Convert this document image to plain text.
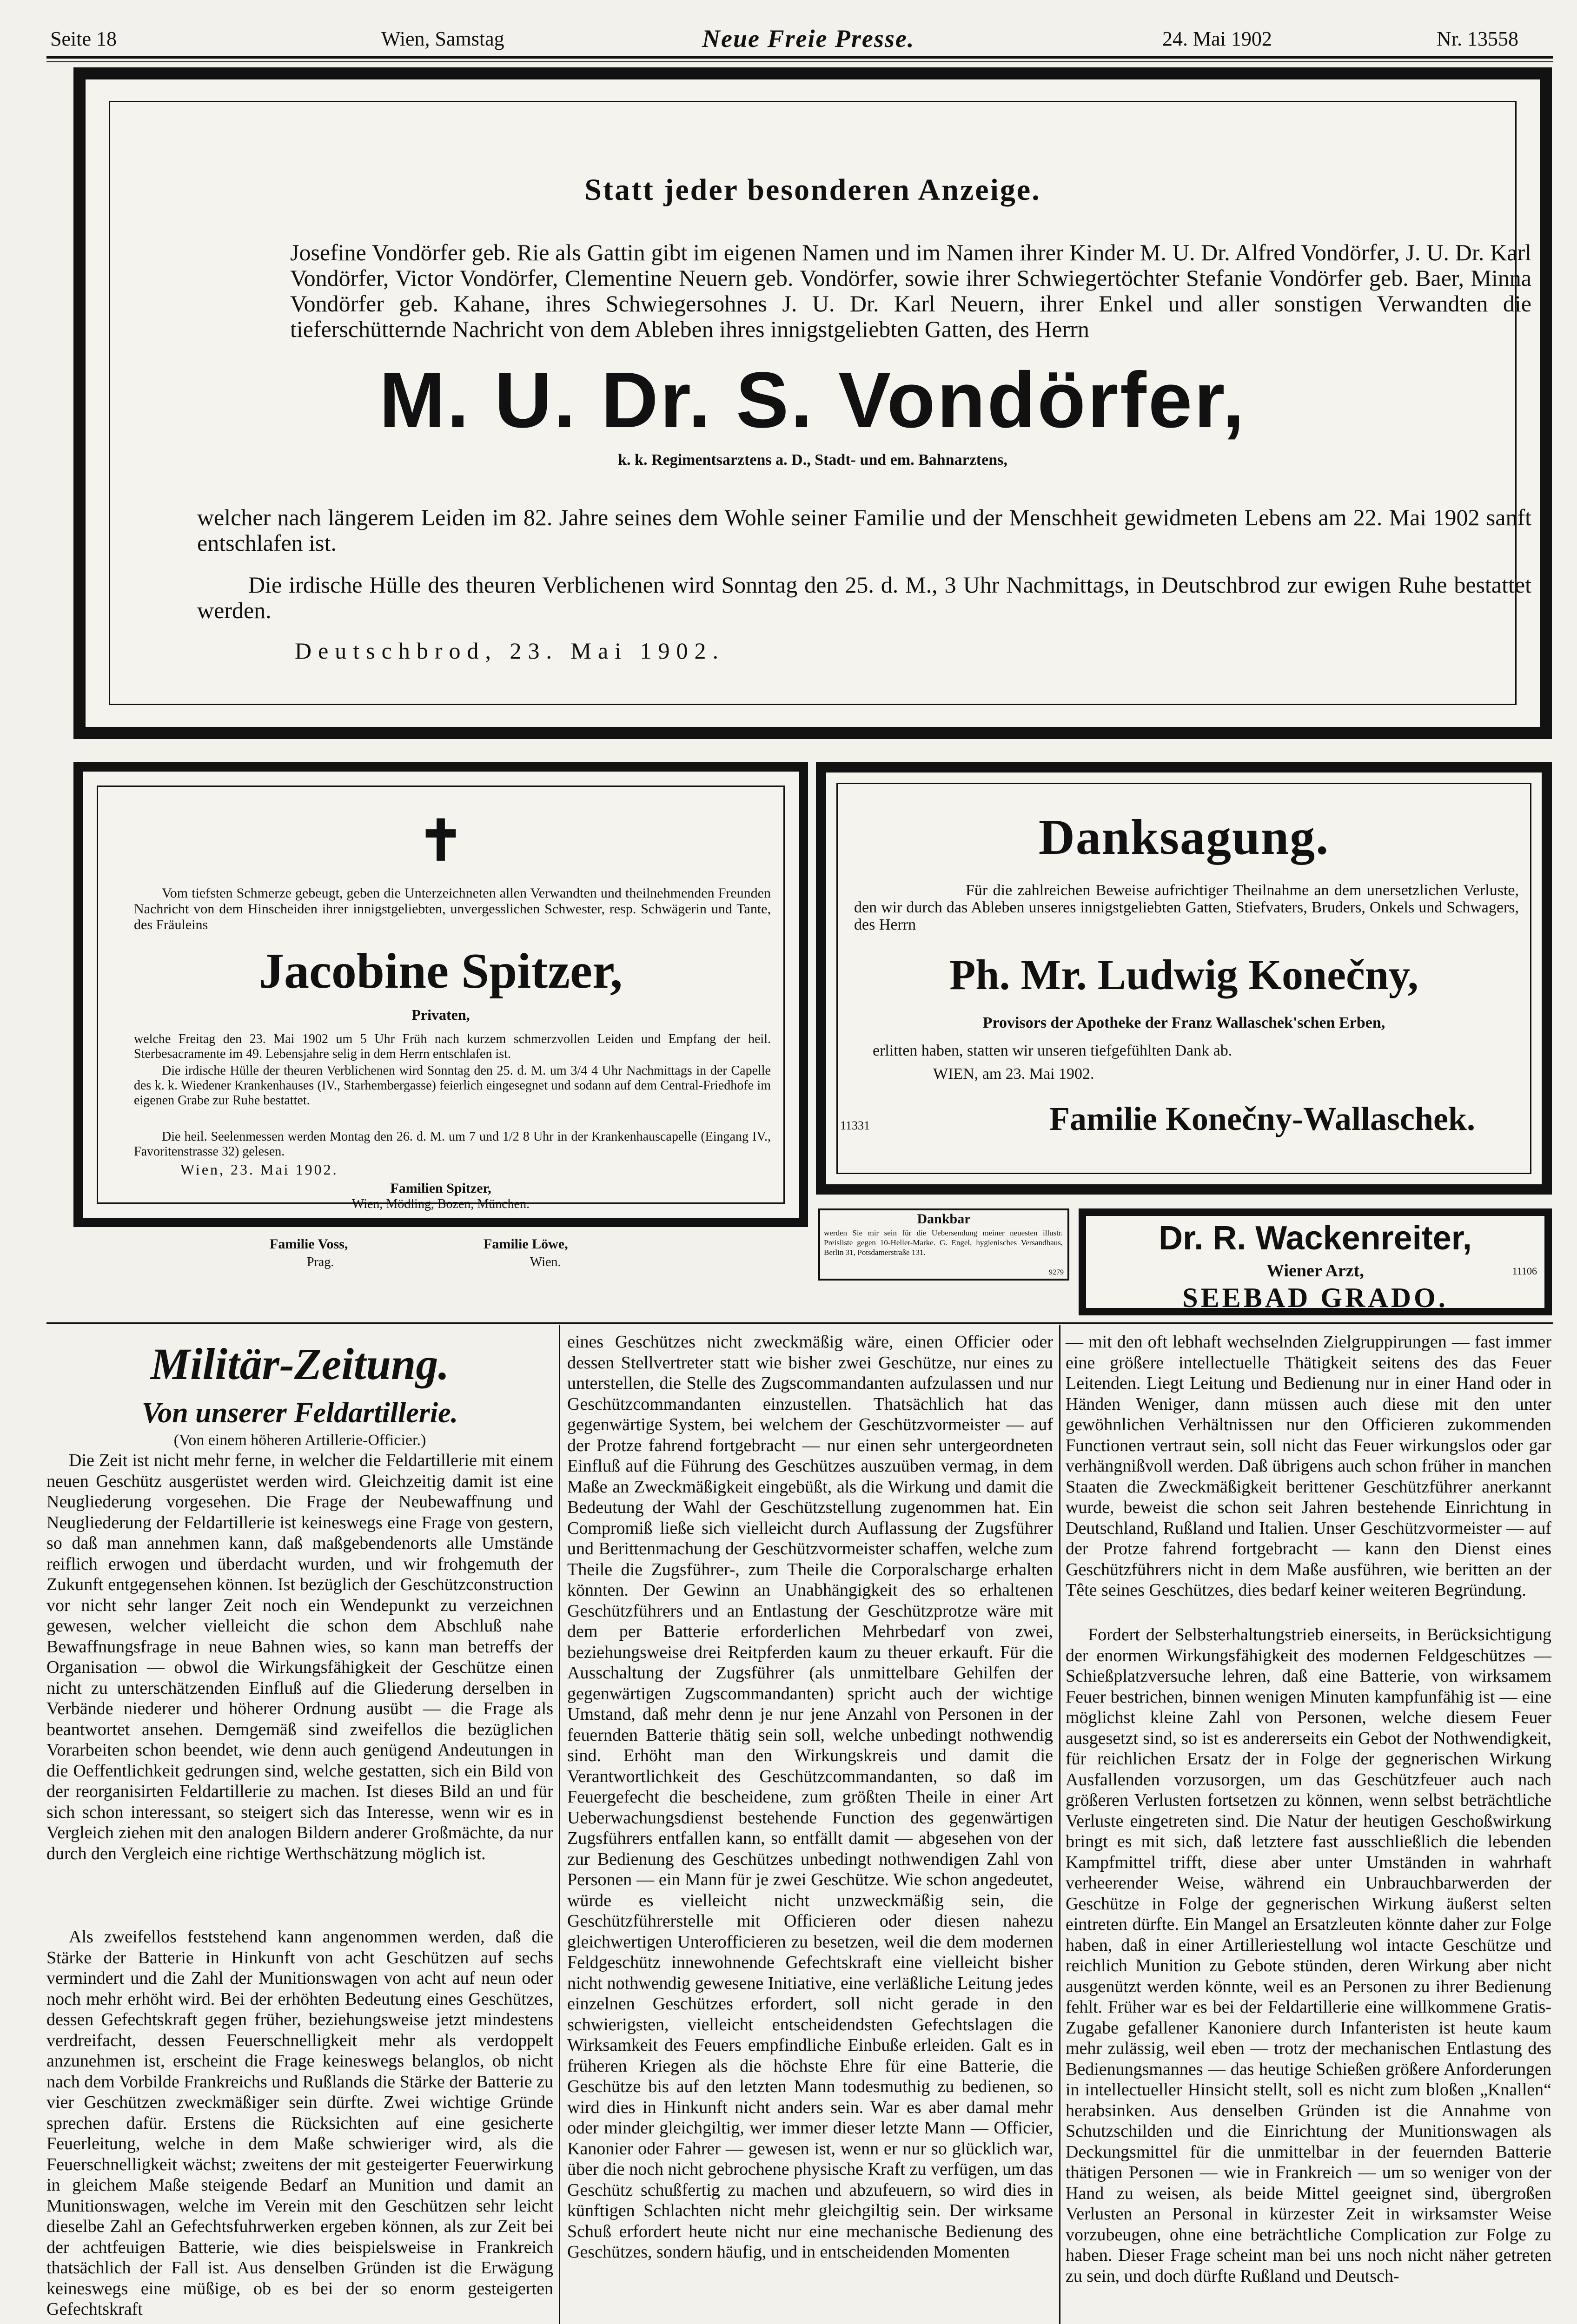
Seite 18	Wien, Samstag	Neue Freie Presse.	24. Mai 1902	Nr. 13558
Statt jeder besonderen Anzeige.

Josefine Vondörfer geb. Rie als Gattin gibt im eigenen Namen und im Namen ihrer Kinder M. U. Dr. Alfred Vondörfer, J. U. Dr. Karl Vondörfer, Victor Vondörfer, Clementine Neuern geb. Vondörfer, sowie ihrer Schwiegertöchter Stefanie Vondörfer geb. Baer, Minna Vondörfer geb. Kahane, ihres Schwiegersohnes J. U. Dr. Karl Neuern, ihrer Enkel und aller sonstigen Verwandten die tieferschütternde Nachricht von dem Ableben ihres innigstgeliebten Gatten, des Herrn

M. U. Dr. S. Vondörfer,
k. k. Regimentsarztens a. D., Stadt- und em. Bahnarztens,

welcher nach längerem Leiden im 82. Jahre seines dem Wohle seiner Familie und der Menschheit gewidmeten Lebens am 22. Mai 1902 sanft entschlafen ist.

Die irdische Hülle des theuren Verblichenen wird Sonntag den 25. d. M., 3 Uhr Nachmittags, in Deutschbrod zur ewigen Ruhe bestattet werden.

Deutschbrod, 23. Mai 1902.
✝

Vom tiefsten Schmerze gebeugt, geben die Unterzeichneten allen Verwandten und theilnehmenden Freunden Nachricht von dem Hinscheiden ihrer innigstgeliebten, unvergesslichen Schwester, resp. Schwägerin und Tante, des Fräuleins

Jacobine Spitzer,
Privaten,

welche Freitag den 23. Mai 1902 um 5 Uhr Früh nach kurzem schmerzvollen Leiden und Empfang der heil. Sterbesacramente im 49. Lebensjahre selig in dem Herrn entschlafen ist.

Die irdische Hülle der theuren Verblichenen wird Sonntag den 25. d. M. um 3/4 4 Uhr Nachmittags in der Capelle des k. k. Wiedener Krankenhauses (IV., Starhembergasse) feierlich eingesegnet und sodann auf dem Central-Friedhofe im eigenen Grabe zur Ruhe bestattet.

Die heil. Seelenmessen werden Montag den 26. d. M. um 7 und 1/2 8 Uhr in der Krankenhauscapelle (Eingang IV., Favoritenstrasse 32) gelesen.

Wien, 23. Mai 1902.
Familien Spitzer,
Wien, Mödling, Bozen, München.
Familie Voss,
Prag.
Familie Löwe,
Wien.
Danksagung.

Für die zahlreichen Beweise aufrichtiger Theilnahme an dem unersetzlichen Verluste, den wir durch das Ableben unseres innigstgeliebten Gatten, Stiefvaters, Bruders, Onkels und Schwagers, des Herrn

Ph. Mr. Ludwig Konečny,
Provisors der Apotheke der Franz Wallaschek'schen Erben,
erlitten haben, statten wir unseren tiefgefühlten Dank ab.
WIEN, am 23. Mai 1902.
11331	Familie Konečny-Wallaschek.
Dankbar

werden Sie mir sein für die Uebersendung meiner neuesten illustr. Preisliste gegen 10-Heller-Marke. G. Engel, hygienisches Versandhaus, Berlin 31, Potsdamerstraße 131.

9279
Dr. R. Wackenreiter,
Wiener Arzt,	11106
SEEBAD GRADO.
Militär-Zeitung.
Von unserer Feldartillerie.
(Von einem höheren Artillerie-Officier.)

Die Zeit ist nicht mehr ferne, in welcher die Feldartillerie mit einem neuen Geschütz ausgerüstet werden wird. Gleichzeitig damit ist eine Neugliederung vorgesehen. Die Frage der Neubewaffnung und Neugliederung der Feldartillerie ist keineswegs eine Frage von gestern, so daß man annehmen kann, daß maßgebendenorts alle Umstände reiflich erwogen und überdacht wurden, und wir frohgemuth der Zukunft entgegensehen können. Ist bezüglich der Geschützconstruction vor nicht sehr langer Zeit noch ein Wendepunkt zu verzeichnen gewesen, welcher vielleicht die schon dem Abschluß nahe Bewaffnungsfrage in neue Bahnen wies, so kann man betreffs der Organisation — obwol die Wirkungsfähigkeit der Geschütze einen nicht zu unterschätzenden Einfluß auf die Gliederung derselben in Verbände niederer und höherer Ordnung ausübt — die Frage als beantwortet ansehen. Demgemäß sind zweifellos die bezüglichen Vorarbeiten schon beendet, wie denn auch genügend Andeutungen in die Oeffentlichkeit gedrungen sind, welche gestatten, sich ein Bild von der reorganisirten Feldartillerie zu machen. Ist dieses Bild an und für sich schon interessant, so steigert sich das Interesse, wenn wir es in Vergleich ziehen mit den analogen Bildern anderer Großmächte, da nur durch den Vergleich eine richtige Werthschätzung möglich ist.

Als zweifellos feststehend kann angenommen werden, daß die Stärke der Batterie in Hinkunft von acht Geschützen auf sechs vermindert und die Zahl der Munitionswagen von acht auf neun oder noch mehr erhöht wird. Bei der erhöhten Bedeutung eines Geschützes, dessen Gefechtskraft gegen früher, beziehungsweise jetzt mindestens verdreifacht, dessen Feuerschnelligkeit mehr als verdoppelt anzunehmen ist, erscheint die Frage keineswegs belanglos, ob nicht nach dem Vorbilde Frankreichs und Rußlands die Stärke der Batterie zu vier Geschützen zweckmäßiger sein dürfte. Zwei wichtige Gründe sprechen dafür. Erstens die Rücksichten auf eine gesicherte Feuerleitung, welche in dem Maße schwieriger wird, als die Feuerschnelligkeit wächst; zweitens der mit gesteigerter Feuerwirkung in gleichem Maße steigende Bedarf an Munition und damit an Munitionswagen, welche im Verein mit den Geschützen sehr leicht dieselbe Zahl an Gefechtsfuhrwerken ergeben können, als zur Zeit bei der achtfeuigen Batterie, wie dies beispielsweise in Frankreich thatsächlich der Fall ist. Aus denselben Gründen ist die Erwägung keineswegs eine müßige, ob es bei der so enorm gesteigerten Gefechtskraft

eines Geschützes nicht zweckmäßig wäre, einen Officier oder dessen Stellvertreter statt wie bisher zwei Geschütze, nur eines zu unterstellen, die Stelle des Zugscommandanten aufzulassen und nur Geschützcommandanten einzustellen. Thatsächlich hat das gegenwärtige System, bei welchem der Geschützvormeister — auf der Protze fahrend fortgebracht — nur einen sehr untergeordneten Einfluß auf die Führung des Geschützes auszuüben vermag, in dem Maße an Zweckmäßigkeit eingebüßt, als die Wirkung und damit die Bedeutung der Wahl der Geschützstellung zugenommen hat. Ein Compromiß ließe sich vielleicht durch Auflassung der Zugsführer und Berittenmachung der Geschützvormeister schaffen, welche zum Theile die Zugsführer-, zum Theile die Corporalscharge erhalten könnten. Der Gewinn an Unabhängigkeit des so erhaltenen Geschützführers und an Entlastung der Geschützprotze wäre mit dem per Batterie erforderlichen Mehrbedarf von zwei, beziehungsweise drei Reitpferden kaum zu theuer erkauft. Für die Ausschaltung der Zugsführer (als unmittelbare Gehilfen der gegenwärtigen Zugscommandanten) spricht auch der wichtige Umstand, daß mehr denn je nur jene Anzahl von Personen in der feuernden Batterie thätig sein soll, welche unbedingt nothwendig sind. Erhöht man den Wirkungskreis und damit die Verantwortlichkeit des Geschützcommandanten, so daß im Feuergefecht die bescheidene, zum größten Theile in einer Art Ueberwachungsdienst bestehende Function des gegenwärtigen Zugsführers entfallen kann, so entfällt damit — abgesehen von der zur Bedienung des Geschützes unbedingt nothwendigen Zahl von Personen — ein Mann für je zwei Geschütze. Wie schon angedeutet, würde es vielleicht nicht unzweckmäßig sein, die Geschützführerstelle mit Officieren oder diesen nahezu gleichwertigen Unterofficieren zu besetzen, weil die dem modernen Feldgeschütz innewohnende Gefechtskraft eine vielleicht bisher nicht nothwendig gewesene Initiative, eine verläßliche Leitung jedes einzelnen Geschützes erfordert, soll nicht gerade in den schwierigsten, vielleicht entscheidendsten Gefechtslagen die Wirksamkeit des Feuers empfindliche Einbuße erleiden. Galt es in früheren Kriegen als die höchste Ehre für eine Batterie, die Geschütze bis auf den letzten Mann todesmuthig zu bedienen, so wird dies in Hinkunft nicht anders sein. War es aber damal mehr oder minder gleichgiltig, wer immer dieser letzte Mann — Officier, Kanonier oder Fahrer — gewesen ist, wenn er nur so glücklich war, über die noch nicht gebrochene physische Kraft zu verfügen, um das Geschütz schußfertig zu machen und abzufeuern, so wird dies in künftigen Schlachten nicht mehr gleichgiltig sein. Der wirksame Schuß erfordert heute nicht nur eine mechanische Bedienung des Geschützes, sondern häufig, und in entscheidenden Momenten

— mit den oft lebhaft wechselnden Zielgruppirungen — fast immer eine größere intellectuelle Thätigkeit seitens des das Feuer Leitenden. Liegt Leitung und Bedienung nur in einer Hand oder in Händen Weniger, dann müssen auch diese mit den unter gewöhnlichen Verhältnissen nur den Officieren zukommenden Functionen vertraut sein, soll nicht das Feuer wirkungslos oder gar verhängnißvoll werden. Daß übrigens auch schon früher in manchen Staaten die Zweckmäßigkeit berittener Geschützführer anerkannt wurde, beweist die schon seit Jahren bestehende Einrichtung in Deutschland, Rußland und Italien. Unser Geschützvormeister — auf der Protze fahrend fortgebracht — kann den Dienst eines Geschützführers nicht in dem Maße ausführen, wie beritten an der Tête seines Geschützes, dies bedarf keiner weiteren Begründung.

Fordert der Selbsterhaltungstrieb einerseits, in Berücksichtigung der enormen Wirkungsfähigkeit des modernen Feldgeschützes — Schießplatzversuche lehren, daß eine Batterie, von wirksamem Feuer bestrichen, binnen wenigen Minuten kampfunfähig ist — eine möglichst kleine Zahl von Personen, welche diesem Feuer ausgesetzt sind, so ist es andererseits ein Gebot der Nothwendigkeit, für reichlichen Ersatz der in Folge der gegnerischen Wirkung Ausfallenden vorzusorgen, um das Geschützfeuer auch nach größeren Verlusten fortsetzen zu können, wenn selbst beträchtliche Verluste eingetreten sind. Die Natur der heutigen Geschoßwirkung bringt es mit sich, daß letztere fast ausschließlich die lebenden Kampfmittel trifft, diese aber unter Umständen in wahrhaft verheerender Weise, während ein Unbrauchbarwerden der Geschütze in Folge der gegnerischen Wirkung äußerst selten eintreten dürfte. Ein Mangel an Ersatzleuten könnte daher zur Folge haben, daß in einer Artilleriestellung wol intacte Geschütze und reichlich Munition zu Gebote stünden, deren Wirkung aber nicht ausgenützt werden könnte, weil es an Personen zu ihrer Bedienung fehlt. Früher war es bei der Feldartillerie eine willkommene Gratis-Zugabe gefallener Kanoniere durch Infanteristen ist heute kaum mehr zulässig, weil eben — trotz der mechanischen Entlastung des Bedienungsmannes — das heutige Schießen größere Anforderungen in intellectueller Hinsicht stellt, soll es nicht zum bloßen „Knallen“ herabsinken. Aus denselben Gründen ist die Annahme von Schutzschilden und die Einrichtung der Munitionswagen als Deckungsmittel für die unmittelbar in der feuernden Batterie thätigen Personen — wie in Frankreich — um so weniger von der Hand zu weisen, als beide Mittel geeignet sind, übergroßen Verlusten an Personal in kürzester Zeit in wirksamster Weise vorzubeugen, ohne eine beträchtliche Complication zur Folge zu haben. Dieser Frage scheint man bei uns noch nicht näher getreten zu sein, und doch dürfte Rußland und Deutsch-
